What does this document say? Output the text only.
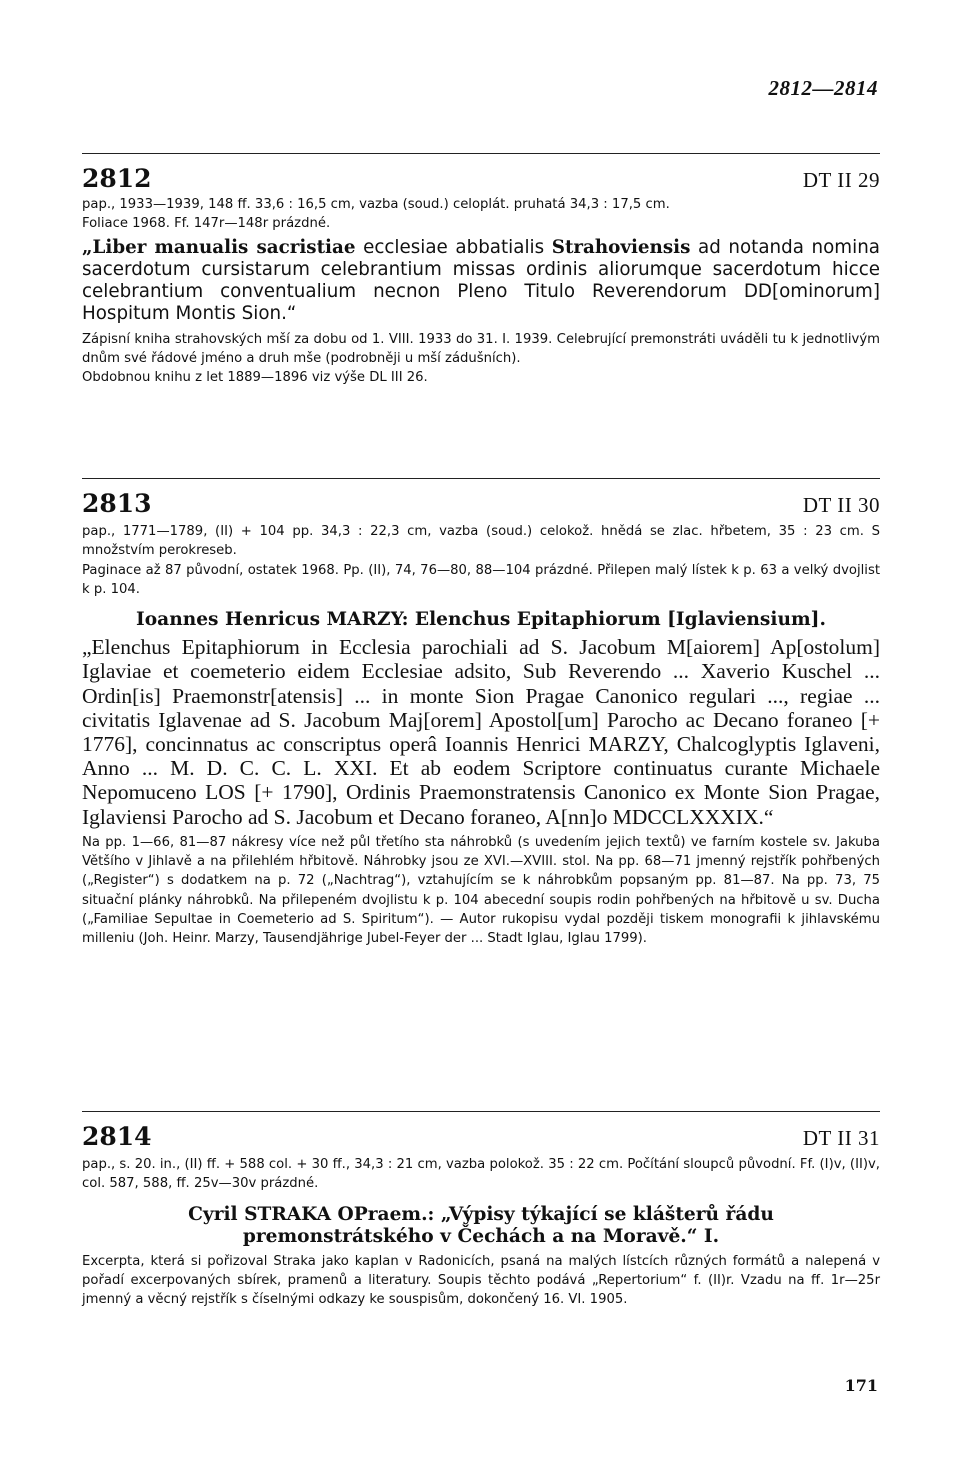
2812—2814
2812	DT II 29

pap., 1933—1939, 148 ff. 33,6 : 16,5 cm, vazba (soud.) celoplát. pruhatá 34,3 : 17,5 cm.
Foliace 1968. Ff. 147r—148r prázdné.

„Liber manualis sacristiae ecclesiae abbatialis Strahoviensis ad notanda nomina sacerdotum cursistarum celebrantium missas ordinis aliorumque sacerdotum hicce celebrantium conventualium necnon Pleno Titulo Reverendorum DD[ominorum] Hospitum Montis Sion.“

Zápisní kniha strahovských mší za dobu od 1. VIII. 1933 do 31. I. 1939. Celebrující premonstráti uváděli tu k jednotlivým dnům své řádové jméno a druh mše (podrobněji u mší zádušních).

Obdobnou knihu z let 1889—1896 viz výše DL III 26.

2813	DT II 30

pap., 1771—1789, (II) + 104 pp. 34,3 : 22,3 cm, vazba (soud.) celokož. hnědá se zlac. hřbetem, 35 : 23 cm. S množstvím perokreseb.

Paginace až 87 původní, ostatek 1968. Pp. (II), 74, 76—80, 88—104 prázdné. Přilepen malý lístek k p. 63 a velký dvojlist k p. 104.

Ioannes Henricus MARZY: Elenchus Epitaphiorum [Iglaviensium].

„Elenchus Epitaphiorum in Ecclesia parochiali ad S. Jacobum M[aiorem] Ap[ostolum] Iglaviae et coemeterio eidem Ecclesiae adsito, Sub Reverendo ... Xaverio Kuschel ... Ordin[is] Praemonstr[atensis] ... in monte Sion Pragae Canonico regulari ..., regiae ... civitatis Iglavenae ad S. Jacobum Maj[orem] Apostol[um] Parocho ac Decano foraneo [+ 1776], concinnatus ac conscriptus operâ Ioannis Henrici MARZY, Chalcoglyptis Iglaveni, Anno ... M. D. C. C. L. XXI. Et ab eodem Scriptore continuatus curante Michaele Nepomuceno LOS [+ 1790], Ordinis Praemonstratensis Canonico ex Monte Sion Pragae, Iglaviensi Parocho ad S. Jacobum et Decano foraneo, A[nn]o MDCCLXXXIX.“

Na pp. 1—66, 81—87 nákresy více než půl třetího sta náhrobků (s uvedením jejich textů) ve farním kostele sv. Jakuba Většího v Jihlavě a na přilehlém hřbitově. Náhrobky jsou ze XVI.—XVIII. stol. Na pp. 68—71 jmenný rejstřík pohřbených („Register“) s dodatkem na p. 72 („Nachtrag“), vztahujícím se k náhrobkům popsaným pp. 81—87. Na pp. 73, 75 situační plánky náhrobků. Na přilepeném dvojlistu k p. 104 abecední soupis rodin pohřbených na hřbitově u sv. Ducha („Familiae Sepultae in Coemeterio ad S. Spiritum“). — Autor rukopisu vydal později tiskem monografii k jihlavskému milleniu (Joh. Heinr. Marzy, Tausendjährige Jubel-Feyer der ... Stadt Iglau, Iglau 1799).

2814	DT II 31

pap., s. 20. in., (II) ff. + 588 col. + 30 ff., 34,3 : 21 cm, vazba polokož. 35 : 22 cm. Počítání sloupců původní. Ff. (I)v, (II)v, col. 587, 588, ff. 25v—30v prázdné.

Cyril STRAKA OPraem.: „Výpisy týkající se klášterů řádu
premonstrátského v Čechách a na Moravě.“ I.

Excerpta, která si pořizoval Straka jako kaplan v Radonicích, psaná na malých lístcích různých formátů a nalepená v pořadí excerpovaných sbírek, pramenů a literatury. Soupis těchto podává „Repertorium“ f. (II)r. Vzadu na ff. 1r—25r jmenný a věcný rejstřík s číselnými odkazy ke souspisům, dokončený 16. VI. 1905.

171
